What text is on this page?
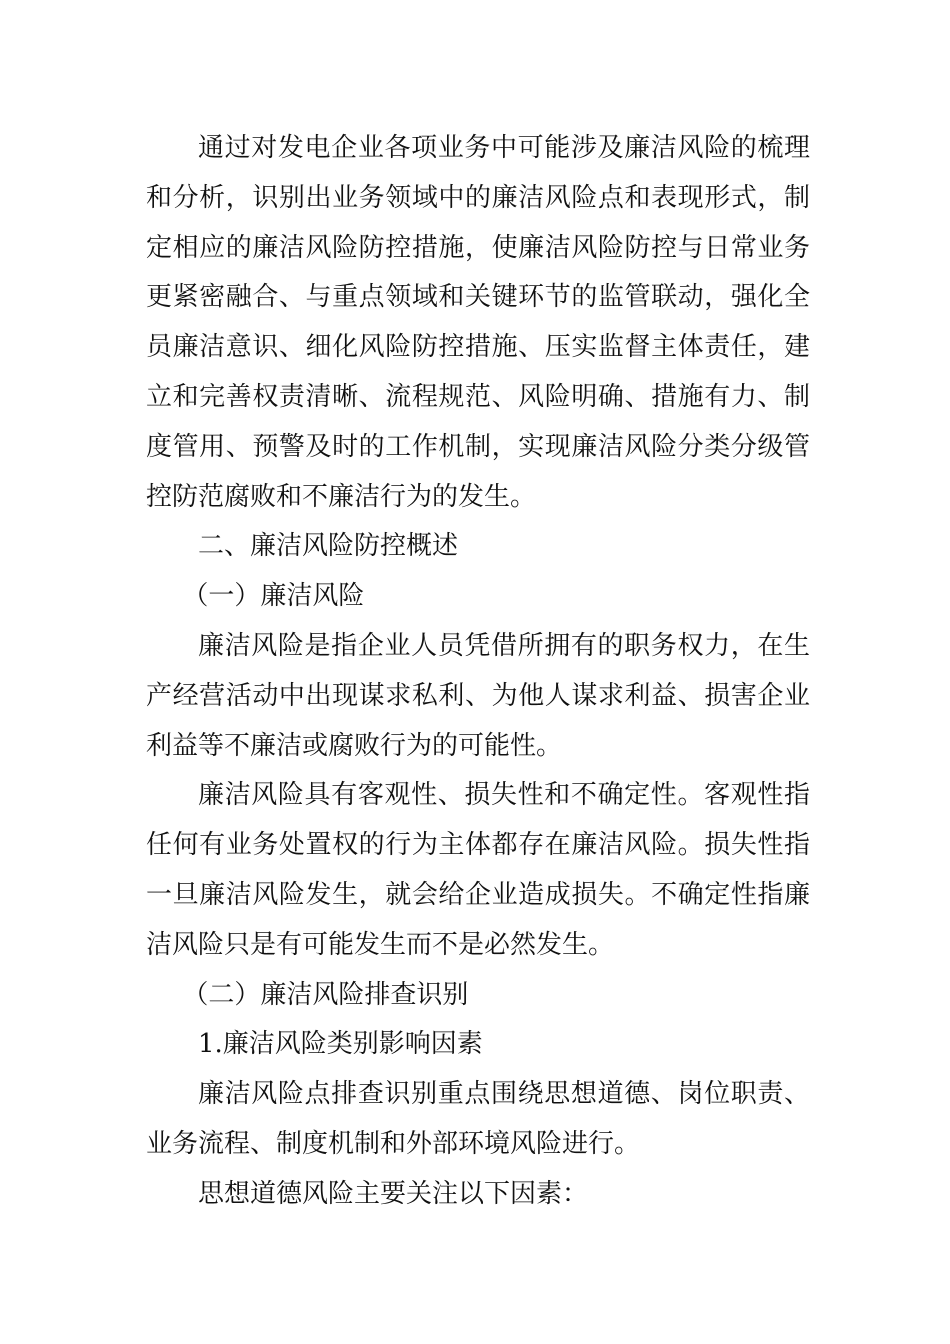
通过对发电企业各项业务中可能涉及廉洁风险的梳理和分析，识别出业务领域中的廉洁风险点和表现形式，制定相应的廉洁风险防控措施，使廉洁风险防控与日常业务更紧密融合、与重点领域和关键环节的监管联动，强化全员廉洁意识、细化风险防控措施、压实监督主体责任，建立和完善权责清晰、流程规范、风险明确、措施有力、制度管用、预警及时的工作机制，实现廉洁风险分类分级管控防范腐败和不廉洁行为的发生。

二、廉洁风险防控概述

（一）廉洁风险

廉洁风险是指企业人员凭借所拥有的职务权力，在生产经营活动中出现谋求私利、为他人谋求利益、损害企业利益等不廉洁或腐败行为的可能性。

廉洁风险具有客观性、损失性和不确定性。客观性指任何有业务处置权的行为主体都存在廉洁风险。损失性指一旦廉洁风险发生，就会给企业造成损失。不确定性指廉洁风险只是有可能发生而不是必然发生。

（二）廉洁风险排查识别

1.廉洁风险类别影响因素

廉洁风险点排查识别重点围绕思想道德、岗位职责、业务流程、制度机制和外部环境风险进行。

思想道德风险主要关注以下因素：
